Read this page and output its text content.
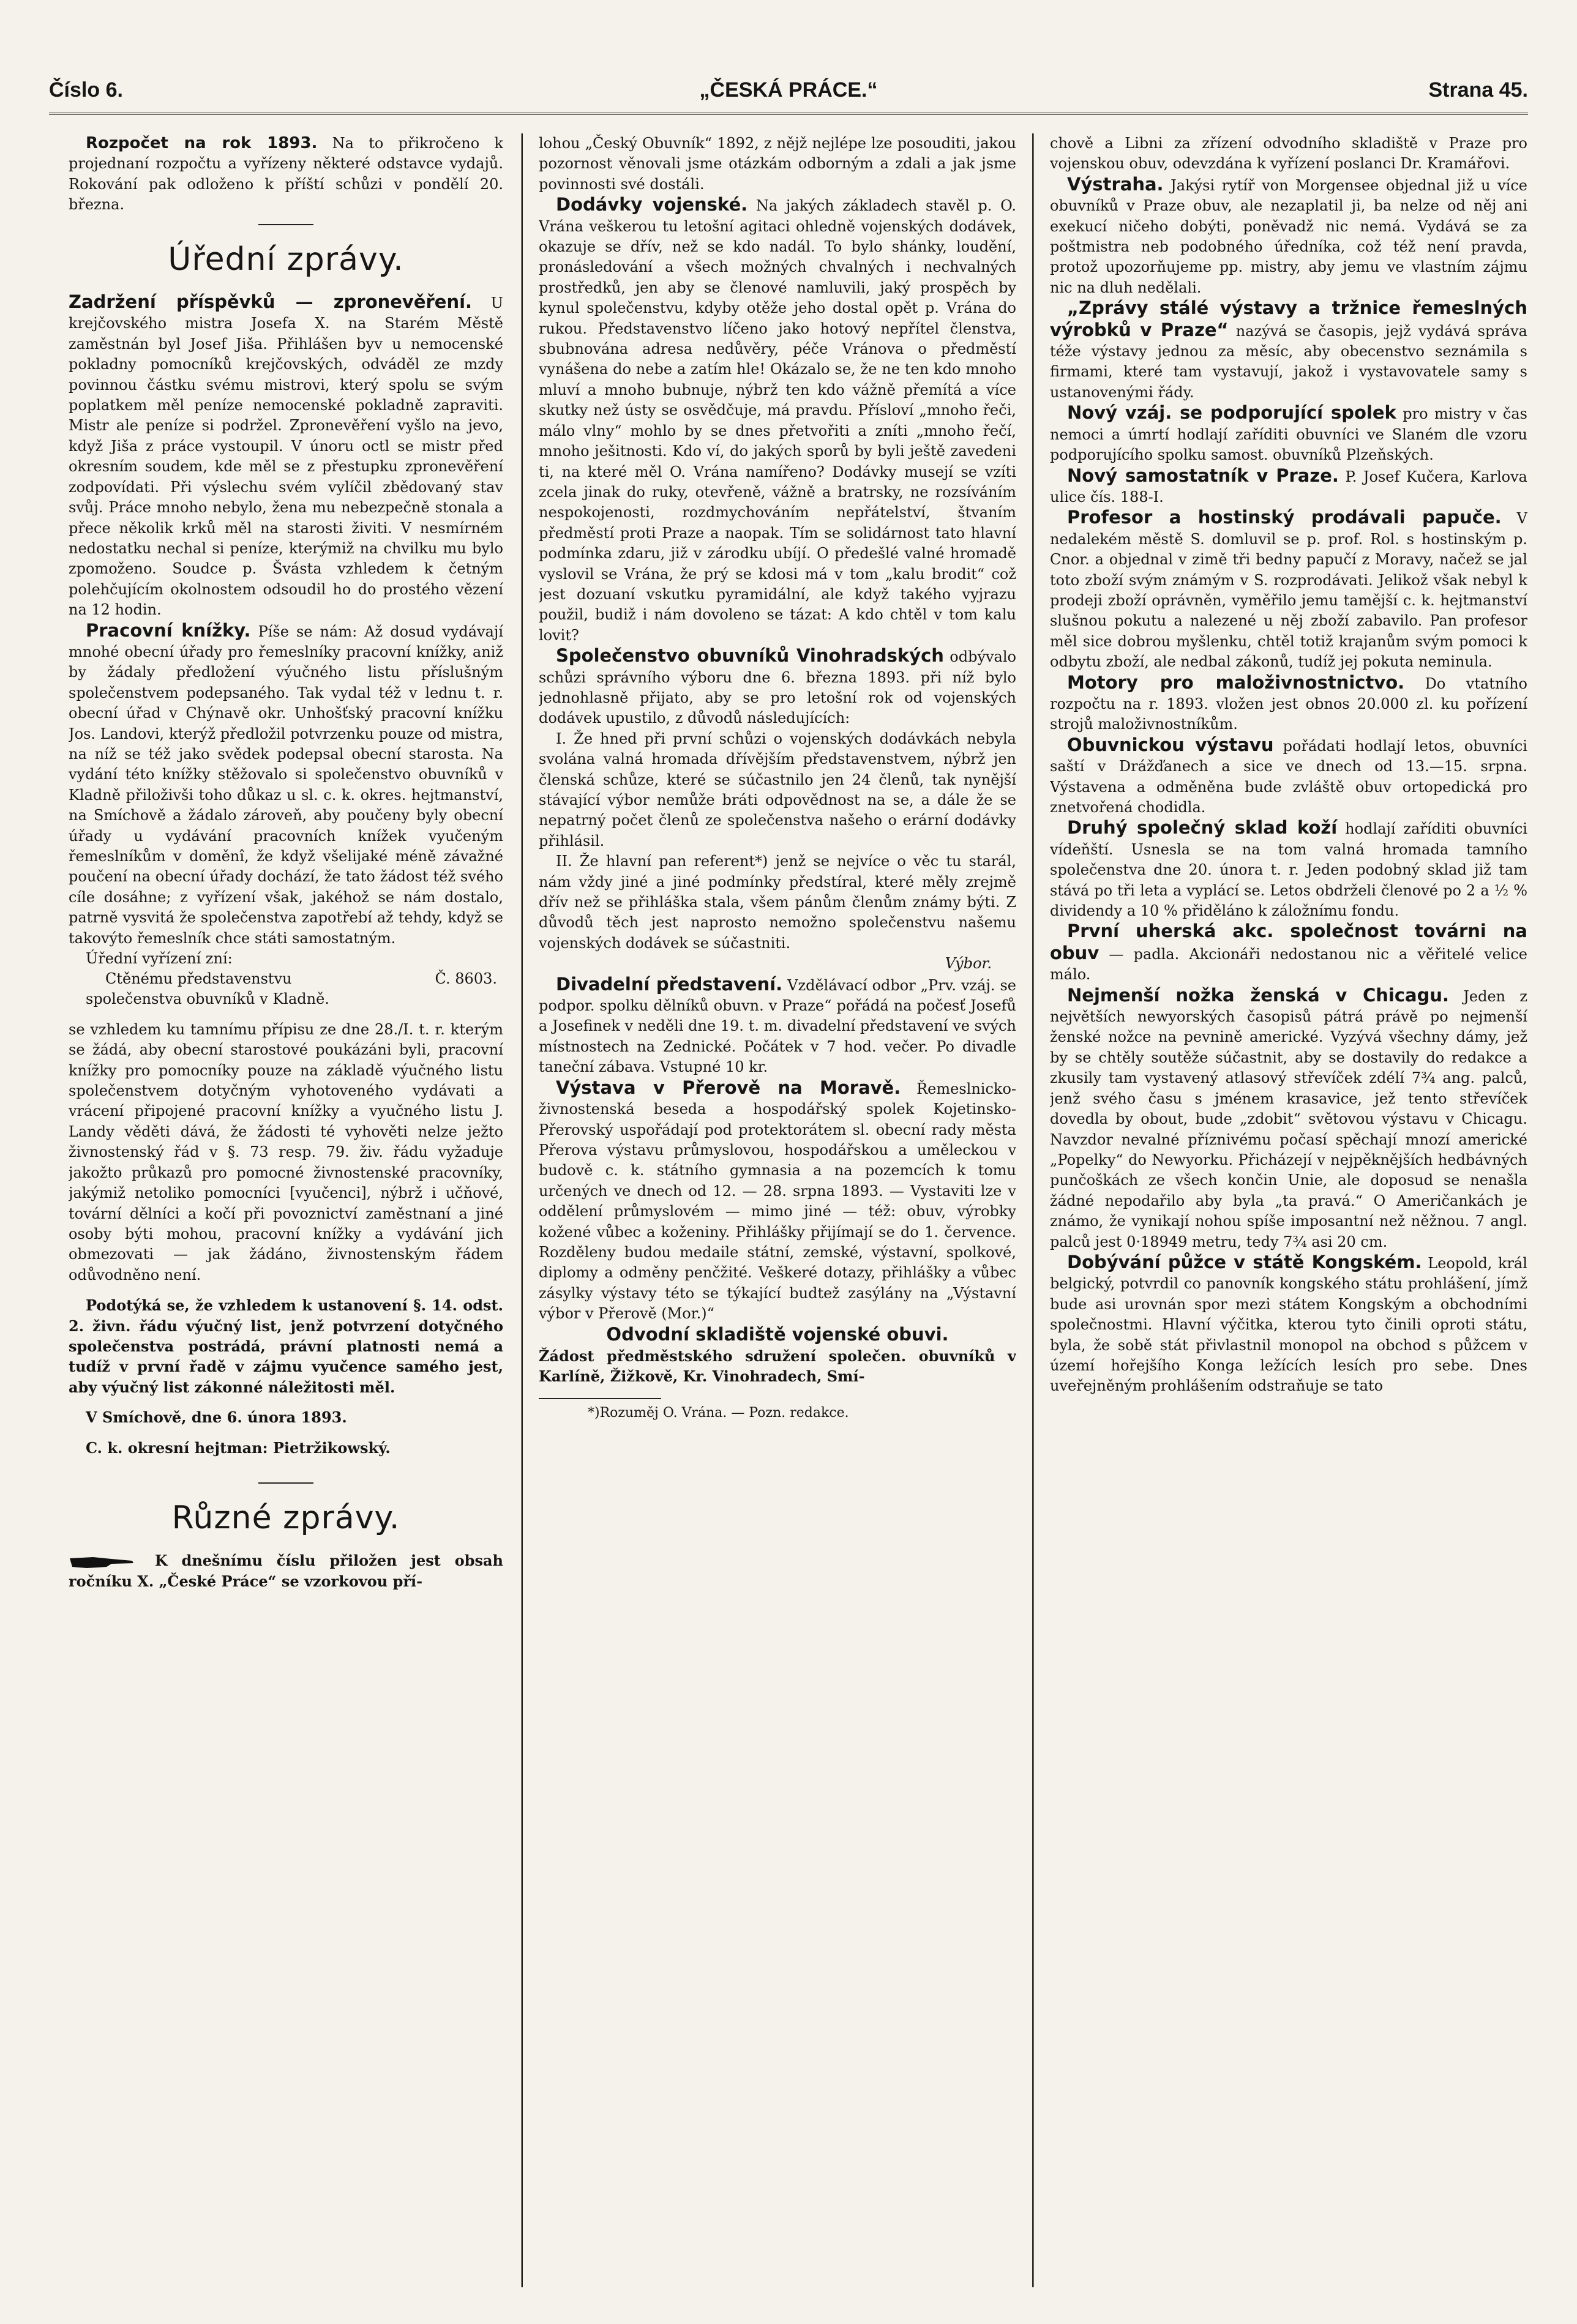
Číslo 6.	„ČESKÁ PRÁCE.“	Strana 45.

Rozpočet na rok 1893. Na to přikročeno k projednaní rozpočtu a vyřízeny některé odstavce vydajů. Rokování pak odloženo k příští schůzi v pondělí 20. března.

Úřední zprávy.

Zadržení příspěvků — zpronevěření. U krejčovského mistra Josefa X. na Starém Městě zaměstnán byl Josef Jiša. Přihlášen byv u nemocenské pokladny pomocníků krejčovských, odváděl ze mzdy povinnou částku svému mistrovi, který spolu se svým poplatkem měl peníze nemocenské pokladně zapraviti. Mistr ale peníze si podržel. Zpronevěření vyšlo na jevo, když Jiša z práce vystoupil. V únoru octl se mistr před okresním soudem, kde měl se z přestupku zpronevěření zodpovídati. Při výslechu svém vylíčil zbědovaný stav svůj. Práce mnoho nebylo, žena mu nebezpečně stonala a přece několik krků měl na starosti živiti. V nesmírném nedostatku nechal si peníze, kterýmiž na chvilku mu bylo zpomoženo. Soudce p. Švásta vzhledem k četným polehčujícím okolnostem odsoudil ho do prostého vězení na 12 hodin.

Pracovní knížky. Píše se nám: Až dosud vydávají mnohé obecní úřady pro řemeslníky pracovní knížky, aniž by žádaly předložení výučného listu příslušným společenstvem podepsaného. Tak vydal též v lednu t. r. obecní úřad v Chýnavě okr. Unhošťský pracovní knížku Jos. Landovi, kterýž předložil potvrzenku pouze od mistra, na níž se též jako svědek podepsal obecní starosta. Na vydání této knížky stěžovalo si společenstvo obuvníků v Kladně přiloživši toho důkaz u sl. c. k. okres. hejtmanství, na Smíchově a žádalo zároveň, aby poučeny byly obecní úřady u vydávání pracovních knížek vyučeným řemeslníkům v doměnî, že když všelijaké méně závažné poučení na obecní úřady dochází, že tato žádost též svého cíle dosáhne; z vyřízení však, jakéhož se nám dostalo, patrně vysvitá že společenstva zapotřebí až tehdy, když se takovýto řemeslník chce státi samostatným.

Úřední vyřízení zní:

Ctěnému představenstvu	Č. 8603.

společenstva obuvníků v Kladně.

se vzhledem ku tamnímu přípisu ze dne 28./I. t. r. kterým se žádá, aby obecní starostové poukázáni byli, pracovní knížky pro pomocníky pouze na základě výučného listu společenstvem dotyčným vyhotoveného vydávati a vrácení připojené pracovní knížky a vyučného listu J. Landy věděti dává, že žádosti té vyhověti nelze ježto živnostenský řád v §. 73 resp. 79. živ. řádu vyžaduje jakožto průkazů pro pomocné živnostenské pracovníky, jakýmiž netoliko pomocníci [vyučenci], nýbrž i učňové, tovární dělníci a kočí při povoznictví zaměstnaní a jiné osoby býti mohou, pracovní knížky a vydávání jich obmezovati — jak žádáno, živnostenským řádem odůvodněno není.

Podotýká se, že vzhledem k ustanovení §. 14. odst. 2. živn. řádu výučný list, jenž potvrzení dotyčného společenstva postrádá, právní platnosti nemá a tudíž v první řadě v zájmu vyučence samého jest, aby výučný list zákonné náležitosti měl.

V Smíchově, dne 6. února 1893.

C. k. okresní hejtman: Pietržikowský.

Různé zprávy.

K dnešnímu číslu přiložen jest obsah ročníku X. „České Práce“ se vzorkovou pří-

lohou „Český Obuvník“ 1892, z nějž nejlépe lze posouditi, jakou pozornost věnovali jsme otázkám odborným a zdali a jak jsme povinnosti své dostáli.

Dodávky vojenské. Na jakých základech stavěl p. O. Vrána veškerou tu letošní agitaci ohledně vojenských dodávek, okazuje se dřív, než se kdo nadál. To bylo shánky, loudění, pronásledování a všech možných chvalných i nechvalných prostředků, jen aby se členové namluvili, jaký prospěch by kynul společenstvu, kdyby otěže jeho dostal opět p. Vrána do rukou. Představenstvo líčeno jako hotový nepřítel členstva, sbubnována adresa nedůvěry, péče Vránova o předměstí vynášena do nebe a zatím hle! Okázalo se, že ne ten kdo mnoho mluví a mnoho bubnuje, nýbrž ten kdo vážně přemítá a více skutky než ústy se osvědčuje, má pravdu. Přísloví „mnoho řeči, málo vlny“ mohlo by se dnes přetvořiti a zníti „mnoho řečí, mnoho ješitnosti. Kdo ví, do jakých sporů by byli ještě zavedeni ti, na které měl O. Vrána namířeno? Dodávky musejí se vzíti zcela jinak do ruky, otevřeně, vážně a bratrsky, ne rozsíváním nespokojenosti, rozdmychováním nepřátelství, štvaním předměstí proti Praze a naopak. Tím se solidárnost tato hlavní podmínka zdaru, již v zárodku ubíjí. O předešlé valné hromadě vyslovil se Vrána, že prý se kdosi má v tom „kalu brodit“ což jest dozuaní vskutku pyramidální, ale když takého vyjrazu použil, budiž i nám dovoleno se tázat: A kdo chtěl v tom kalu lovit?

Společenstvo obuvníků Vinohradských odbývalo schůzi správního výboru dne 6. března 1893. při níž bylo jednohlasně přijato, aby se pro letošní rok od vojenských dodávek upustilo, z důvodů následujících:

I. Že hned při první schůzi o vojenských dodávkách nebyla svolána valná hromada dřívějším představenstvem, nýbrž jen členská schůze, které se súčastnilo jen 24 členů, tak nynější stávající výbor nemůže bráti odpovědnost na se, a dále že se nepatrný počet členů ze společenstva našeho o erární dodávky přihlásil.

II. Že hlavní pan referent*) jenž se nejvíce o věc tu starál, nám vždy jiné a jiné podmínky předstíral, které měly zrejmě dřív než se přihláška stala, všem pánům členům známy býti. Z důvodů těch jest naprosto nemožno společenstvu našemu vojenských dodávek se súčastniti.

Výbor.

Divadelní představení. Vzdělávací odbor „Prv. vzáj. se podpor. spolku dělníků obuvn. v Praze“ pořádá na počesť Josefů a Josefinek v neděli dne 19. t. m. divadelní představení ve svých místnostech na Zednické. Počátek v 7 hod. večer. Po divadle taneční zábava. Vstupné 10 kr.

Výstava v Přerově na Moravě. Řemeslnicko-živnostenská beseda a hospodářský spolek Kojetinsko-Přerovský uspořádají pod protektorátem sl. obecní rady města Přerova výstavu průmyslovou, hospodářskou a uměleckou v budově c. k. státního gymnasia a na pozemcích k tomu určených ve dnech od 12. — 28. srpna 1893. — Vystaviti lze v oddělení průmyslovém — mimo jiné — též: obuv, výrobky kožené vůbec a koženiny. Přihlášky přijímají se do 1. července. Rozděleny budou medaile státní, zemské, výstavní, spolkové, diplomy a odměny penčžité. Veškeré dotazy, přihlášky a vůbec zásylky výstavy této se týkající budtež zasýlány na „Výstavní výbor v Přerově (Mor.)“

Odvodní skladiště vojenské obuvi.

Žádost předměstského sdružení společen. obuvníků v Karlíně, Žižkově, Kr. Vinohradech, Smí-

*)Rozuměj O. Vrána. — Pozn. redakce.

chově a Libni za zřízení odvodního skladiště v Praze pro vojenskou obuv, odevzdána k vyřízení poslanci Dr. Kramářovi.

Výstraha. Jakýsi rytíř von Morgensee objednal již u více obuvníků v Praze obuv, ale nezaplatil ji, ba nelze od něj ani exekucí ničeho dobýti, poněvadž nic nemá. Vydává se za poštmistra neb podobného úředníka, což též není pravda, protož upozorňujeme pp. mistry, aby jemu ve vlastním zájmu nic na dluh nedělali.

„Zprávy stálé výstavy a tržnice řemeslných výrobků v Praze“ nazývá se časopis, jejž vydává správa téže výstavy jednou za měsíc, aby obecenstvo seznámila s firmami, které tam vystavují, jakož i vystavovatele samy s ustanovenými řády.

Nový vzáj. se podporující spolek pro mistry v čas nemoci a úmrtí hodlají zaříditi obuvníci ve Slaném dle vzoru podporujícího spolku samost. obuvníků Plzeňských.

Nový samostatník v Praze. P. Josef Kučera, Karlova ulice čís. 188-I.

Profesor a hostinský prodávali papuče. V nedalekém městě S. domluvil se p. prof. Rol. s hostinským p. Cnor. a objednal v zimě tři bedny papučí z Moravy, načež se jal toto zboží svým známým v S. rozprodávati. Jelikož však nebyl k prodeji zboží oprávněn, vyměřilo jemu tamější c. k. hejtmanství slušnou pokutu a nalezené u něj zboží zabavilo. Pan profesor měl sice dobrou myšlenku, chtěl totiž krajanům svým pomoci k odbytu zboží, ale nedbal zákonů, tudíž jej pokuta neminula.

Motory pro maloživnostnictvo. Do vtatního rozpočtu na r. 1893. vložen jest obnos 20.000 zl. ku pořízení strojů maloživnostníkům.

Obuvnickou výstavu pořádati hodlají letos, obuvníci saští v Drážďanech a sice ve dnech od 13.—15. srpna. Výstavena a odměněna bude zvláště obuv ortopedická pro znetvořená chodidla.

Druhý společný sklad koží hodlají zaříditi obuvníci vídeňští. Usnesla se na tom valná hromada tamního společenstva dne 20. února t. r. Jeden podobný sklad již tam stává po tři leta a vyplácí se. Letos obdrželi členové po 2 a ½ % dividendy a 10 % přiděláno k záložnímu fondu.

První uherská akc. společnost továrni na obuv — padla. Akcionáři nedostanou nic a věřitelé velice málo.

Nejmenší nožka ženská v Chicagu. Jeden z největších newyorských časopisů pátrá právě po nejmenší ženské nožce na pevnině americké. Vyzývá všechny dámy, jež by se chtěly soutěže súčastnit, aby se dostavily do redakce a zkusily tam vystavený atlasový střevíček zdélí 7¾ ang. palců, jenž svého času s jménem krasavice, jež tento střevíček dovedla by obout, bude „zdobit“ světovou výstavu v Chicagu. Navzdor nevalné příznivému počasí spěchají mnozí americké „Popelky“ do Newyorku. Přicházejí v nejpěknějších hedbávných punčoškách ze všech končin Unie, ale doposud se nenašla žádné nepodařilo aby byla „ta pravá.“ O Američankách je známo, že vynikají nohou spíše imposantní než něžnou. 7 angl. palců jest 0·18949 metru, tedy 7¾ asi 20 cm.

Dobývání půžce v státě Kongském. Leopold, král belgický, potvrdil co panovník kongského státu prohlášení, jímž bude asi urovnán spor mezi státem Kongským a obchodními společnostmi. Hlavní výčitka, kterou tyto činili oproti státu, byla, že sobě stát přivlastnil monopol na obchod s půžcem v území hořejšího Konga ležících lesích pro sebe. Dnes uveřejněným prohlášením odstraňuje se tato
